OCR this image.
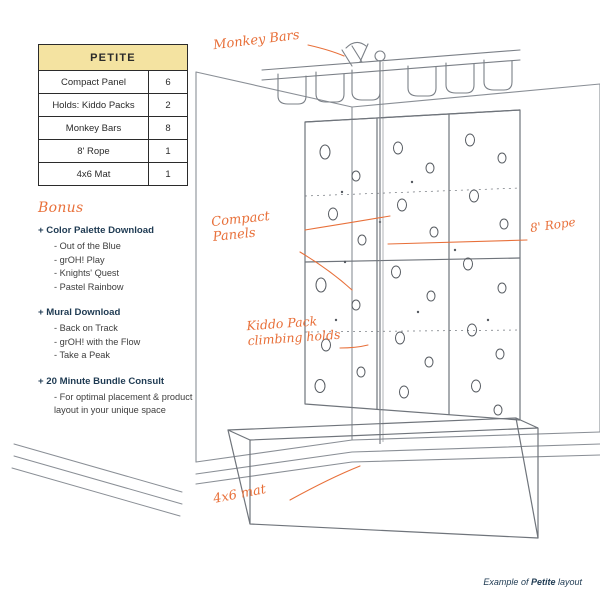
PETITE
Compact Panel	6
Holds: Kiddo Packs	2
Monkey Bars	8
8' Rope	1
4x6 Mat	1
Bonus
+ Color Palette Download
- Out of the Blue
- grOH! Play
- Knights' Quest
- Pastel Rainbow
+ Mural Download
- Back on Track
- grOH! with the Flow
- Take a Peak
+ 20 Minute Bundle Consult
- For optimal placement & product layout in your unique space
Monkey Bars
Compact
Panels
8' Rope
Kiddo Pack
climbing holds
4x6 mat
Example of Petite layout
